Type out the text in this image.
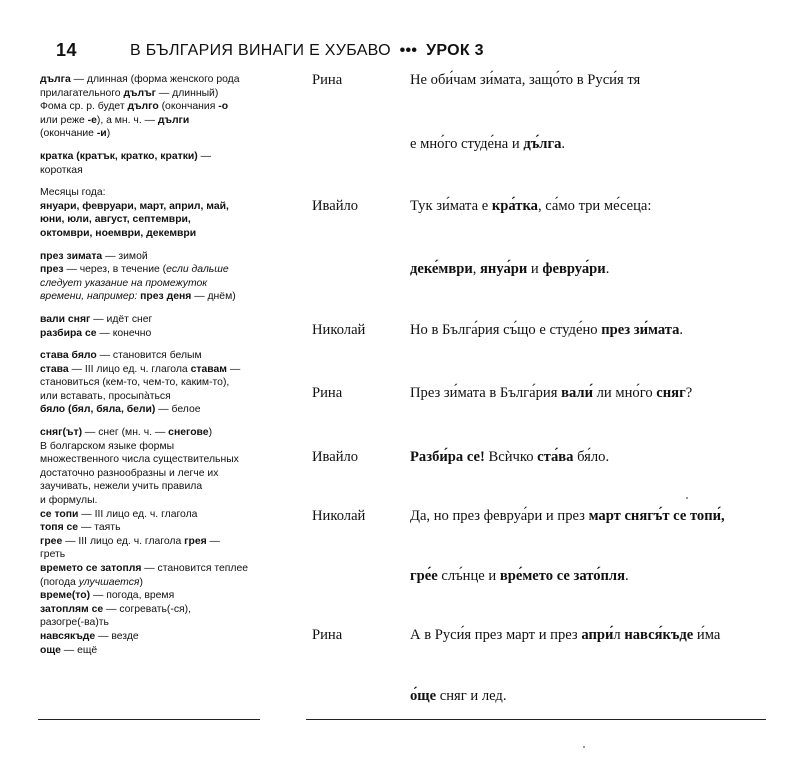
14	В БЪЛГАРИЯ ВИНАГИ Е ХУБАВО ••• УРОК 3
дълга — длинная (форма женского рода
прилагательного дълъг — длинный)
Фома ср. р. будет дълго (окончания -о
или реже -е), а мн. ч. — дълги
(окончание -и)
кратка (кратък, кратко, кратки) —
короткая
Месяцы года:
януари, февруари, март, април, май,
юни, юли, август, септември,
октомври, ноември, декември
през зимата — зимой
през — через, в течение (если дальше
следует указание на промежуток
времени, например: през деня — днём)
вали сняг — идёт снег
разбира се — конечно
става бяло — становится белым
става — III лицо ед. ч. глагола ставам —
становиться (кем-то, чем-то, каким-то),
или вставать, просыпа̀ться
бяло (бял, бяла, бели) — белое
сняг(ът) — снег (мн. ч. — снегове)
В болгарском языке формы
множественного числа существительных
достаточно разнообразны и легче их
заучивать, нежели учить правила
и формулы.
се топи — III лицо ед. ч. глагола
топя се — таять
грее — III лицо ед. ч. глагола грея —
греть
времето се затопля — становится теплее
(погода улучшается)
време(то) — погода, время
затоплям се — согревать(-ся),
разогре(-ва)ть
навсякъде — везде
още — ещё
Рина	Не оби́чам зи́мата, защо́то в Руси́я тя
е мно́го студе́на и дъ́лга.
Ивайло	Тук зи́мата е кра́тка, са́мо три ме́сеца:
деке́мври, януа́ри и февруа́ри.
Николай	Но в Бълга́рия съ́що е студе́но през зи́мата.
Рина	През зи́мата в Бълга́рия вали́ ли мно́го сняг?
Ивайло	Разби́ра се! Всѝчко ста́ва бя́ло.
Николай	Да, но през февруа́ри и през март снягъ́т се топи́,
гре́е слъ́нце и вре́мето се зато́пля.
Рина	А в Руси́я през март и през апри́л нався́къде и́ма
о́ще сняг и лед.
